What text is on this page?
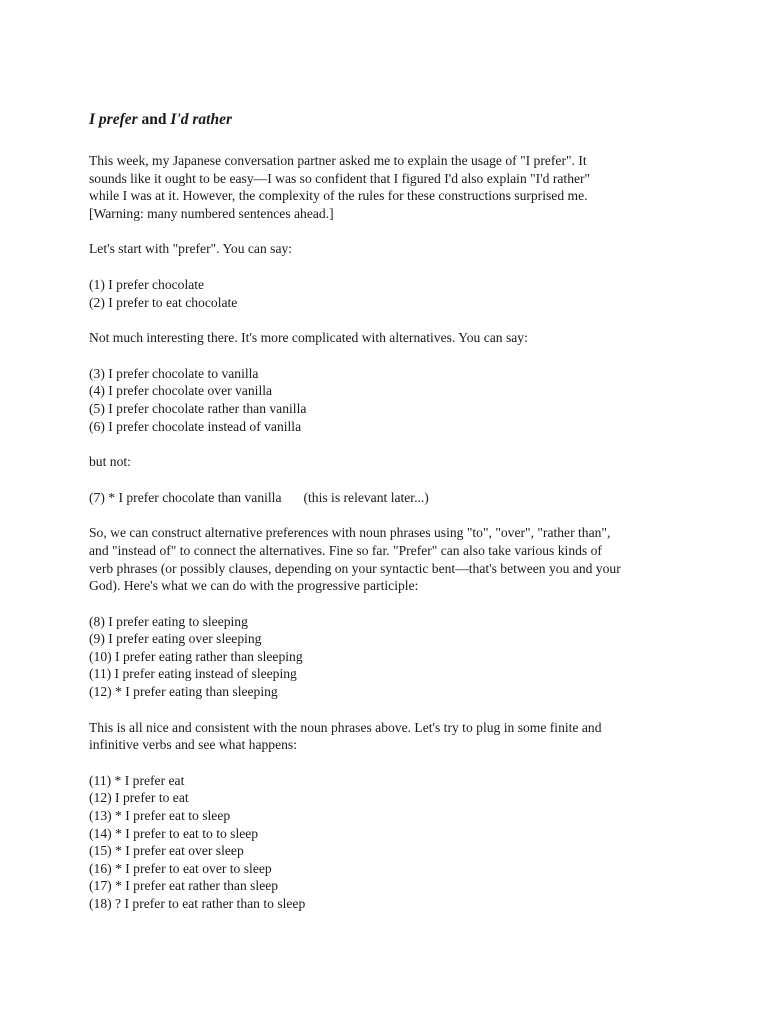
I prefer and I'd rather
This week, my Japanese conversation partner asked me to explain the usage of "I prefer". It
sounds like it ought to be easy—I was so confident that I figured I'd also explain "I'd rather"
while I was at it. However, the complexity of the rules for these constructions surprised me.
[Warning: many numbered sentences ahead.]
Let's start with "prefer". You can say:
(1) I prefer chocolate
(2) I prefer to eat chocolate
Not much interesting there. It's more complicated with alternatives. You can say:
(3) I prefer chocolate to vanilla
(4) I prefer chocolate over vanilla
(5) I prefer chocolate rather than vanilla
(6) I prefer chocolate instead of vanilla
but not:
(7) * I prefer chocolate than vanilla (this is relevant later...)
So, we can construct alternative preferences with noun phrases using "to", "over", "rather than",
and "instead of" to connect the alternatives. Fine so far. "Prefer" can also take various kinds of
verb phrases (or possibly clauses, depending on your syntactic bent—that's between you and your
God). Here's what we can do with the progressive participle:
(8) I prefer eating to sleeping
(9) I prefer eating over sleeping
(10) I prefer eating rather than sleeping
(11) I prefer eating instead of sleeping
(12) * I prefer eating than sleeping
This is all nice and consistent with the noun phrases above. Let's try to plug in some finite and
infinitive verbs and see what happens:
(11) * I prefer eat
(12) I prefer to eat
(13) * I prefer eat to sleep
(14) * I prefer to eat to to sleep
(15) * I prefer eat over sleep
(16) * I prefer to eat over to sleep
(17) * I prefer eat rather than sleep
(18) ? I prefer to eat rather than to sleep
